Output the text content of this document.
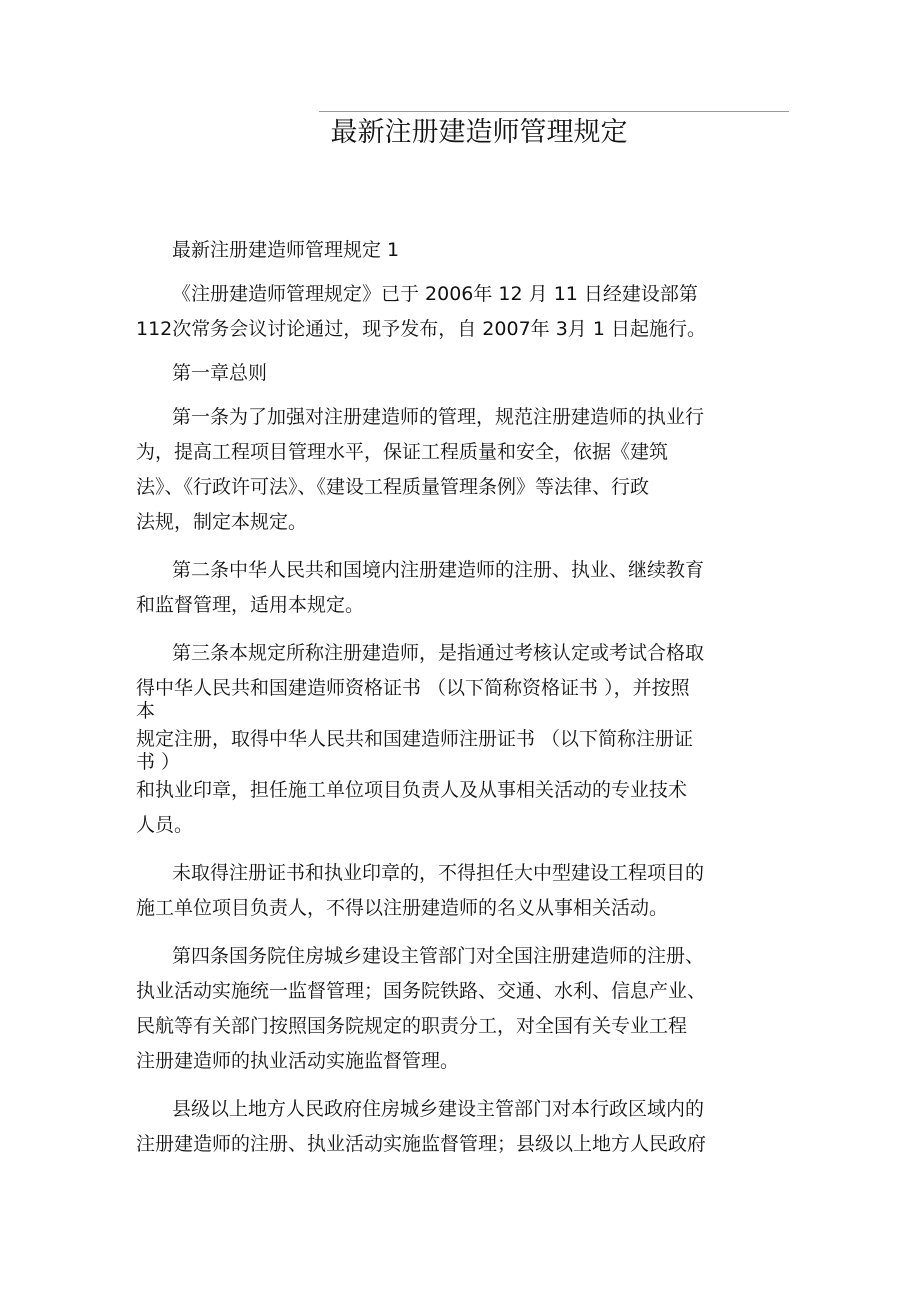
最新注册建造师管理规定

最新注册建造师管理规定 1

《注册建造师管理规定》已于 2006年 12 月 11 日经建设部第
112次常务会议讨论通过，现予发布，自 2007年 3月 1 日起施行。

第一章总则

第一条为了加强对注册建造师的管理，规范注册建造师的执业行
为，提高工程项目管理水平，保证工程质量和安全，依据《建筑
法》、《行政许可法》、《建设工程质量管理条例》等法律、行政
法规，制定本规定。

第二条中华人民共和国境内注册建造师的注册、执业、继续教育
和监督管理，适用本规定。

第三条本规定所称注册建造师，是指通过考核认定或考试合格取
得中华人民共和国建造师资格证书 （以下简称资格证书 ），并按照
本
规定注册，取得中华人民共和国建造师注册证书 （以下简称注册证
书 ）
和执业印章，担任施工单位项目负责人及从事相关活动的专业技术
人员。

未取得注册证书和执业印章的，不得担任大中型建设工程项目的
施工单位项目负责人，不得以注册建造师的名义从事相关活动。

第四条国务院住房城乡建设主管部门对全国注册建造师的注册、
执业活动实施统一监督管理；国务院铁路、交通、水利、信息产业、
民航等有关部门按照国务院规定的职责分工，对全国有关专业工程
注册建造师的执业活动实施监督管理。

县级以上地方人民政府住房城乡建设主管部门对本行政区域内的
注册建造师的注册、执业活动实施监督管理；县级以上地方人民政府
